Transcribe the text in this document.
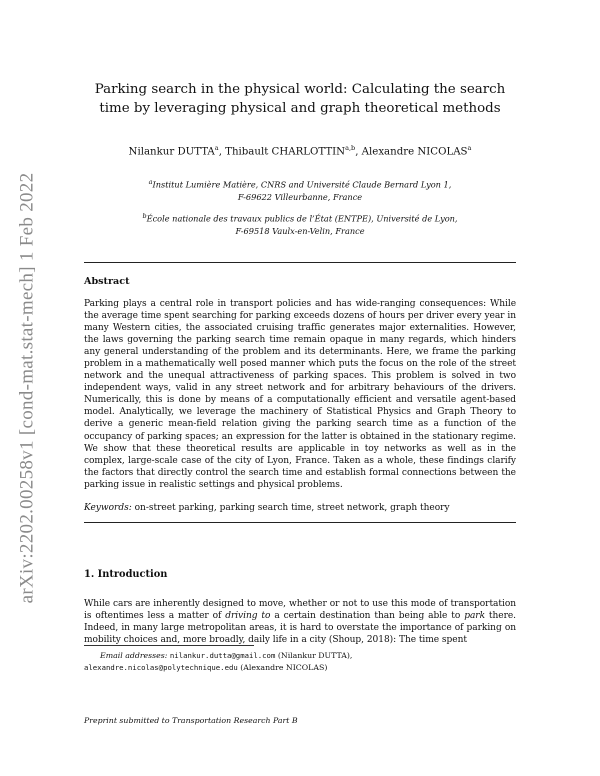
arXiv:2202.00258v1 [cond-mat.stat-mech] 1 Feb 2022
Parking search in the physical world: Calculating the search time by leveraging physical and graph theoretical methods
Nilankur DUTTA$^a$, Thibault CHARLOTTIN$^{a,b}$, Alexandre NICOLAS$^a$
$^a$Institut Lumière Matière, CNRS and Université Claude Bernard Lyon 1,
F-69622 Villeurbanne, France
$^b$École nationale des travaux publics de l’État (ENTPE), Université de Lyon,
F-69518 Vaulx-en-Velin, France
Abstract

Parking plays a central role in transport policies and has wide-ranging consequences: While the average time spent searching for parking exceeds dozens of hours per driver every year in many Western cities, the associated cruising traffic generates major externalities. However, the laws governing the parking search time remain opaque in many regards, which hinders any general understanding of the problem and its determinants. Here, we frame the parking problem in a mathematically well posed manner which puts the focus on the role of the street network and the unequal attractiveness of parking spaces. This problem is solved in two independent ways, valid in any street network and for arbitrary behaviours of the drivers. Numerically, this is done by means of a computationally efficient and versatile agent-based model. Analytically, we leverage the machinery of Statistical Physics and Graph Theory to derive a generic mean-field relation giving the parking search time as a function of the occupancy of parking spaces; an expression for the latter is obtained in the stationary regime. We show that these theoretical results are applicable in toy networks as well as in the complex, large-scale case of the city of Lyon, France. Taken as a whole, these findings clarify the factors that directly control the search time and establish formal connections between the parking issue in realistic settings and physical problems.

Keywords: on-street parking, parking search time, street network, graph theory
1. Introduction

While cars are inherently designed to move, whether or not to use this mode of transportation is oftentimes less a matter of driving to a certain destination than being able to park there. Indeed, in many large metropolitan areas, it is hard to overstate the importance of parking on mobility choices and, more broadly, daily life in a city (Shoup, 2018): The time spent

Email addresses: nilankur.dutta@gmail.com (Nilankur DUTTA),
alexandre.nicolas@polytechnique.edu (Alexandre NICOLAS)
Preprint submitted to Transportation Research Part B
